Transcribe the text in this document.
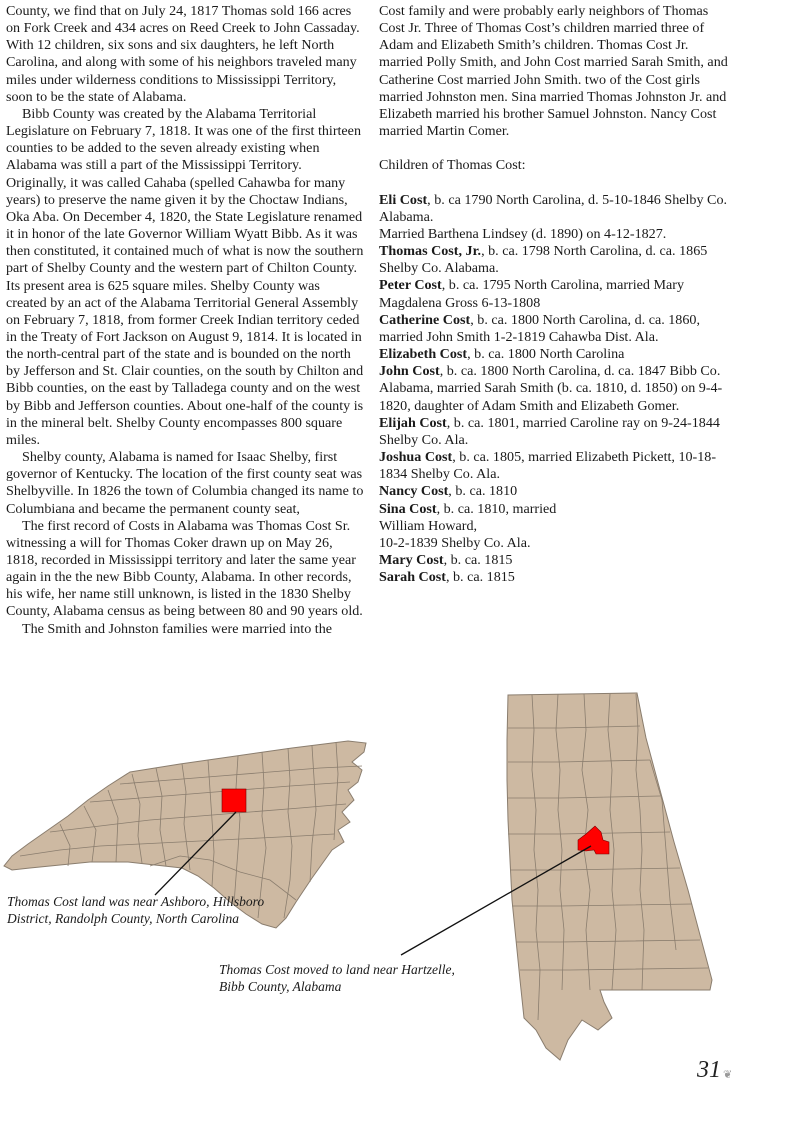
County, we find that on July 24, 1817 Thomas sold 166 acres on Fork Creek and 434 acres on Reed Creek to John Cassaday. With 12 children, six sons and six daughters, he left North Carolina, and along with some of his neighbors traveled many miles under wilderness conditions to Mississippi Territory, soon to be the state of Alabama.

Bibb County was created by the Alabama Territorial Legislature on February 7, 1818. It was one of the first thirteen counties to be added to the seven already existing when Alabama was still a part of the Mississippi Territory. Originally, it was called Cahaba (spelled Cahawba for many years) to preserve the name given it by the Choctaw Indians, Oka Aba. On December 4, 1820, the State Legislature renamed it in honor of the late Governor William Wyatt Bibb. As it was then constituted, it contained much of what is now the southern part of Shelby County and the western part of Chilton County. Its present area is 625 square miles. Shelby County was created by an act of the Alabama Territorial General Assembly on February 7, 1818, from former Creek Indian territory ceded in the Treaty of Fort Jackson on August 9, 1814. It is located in the north-central part of the state and is bounded on the north by Jefferson and St. Clair counties, on the south by Chilton and Bibb counties, on the east by Talladega county and on the west by Bibb and Jefferson counties. About one-half of the county is in the mineral belt. Shelby County encompasses 800 square miles.

Shelby county, Alabama is named for Isaac Shelby, first governor of Kentucky. The location of the first county seat was Shelbyville. In 1826 the town of Columbia changed its name to Columbiana and became the permanent county seat,

The first record of Costs in Alabama was Thomas Cost Sr. witnessing a will for Thomas Coker drawn up on May 26, 1818, recorded in Mississippi territory and later the same year again in the the new Bibb County, Alabama. In other records, his wife, her name still unknown, is listed in the 1830 Shelby County, Alabama census as being between 80 and 90 years old.

The Smith and Johnston families were married into the

Cost family and were probably early neighbors of Thomas Cost Jr. Three of Thomas Cost’s children married three of Adam and Elizabeth Smith’s children. Thomas Cost Jr. married Polly Smith, and John Cost married Sarah Smith, and Catherine Cost married John Smith. two of the Cost girls married Johnston men. Sina married Thomas Johnston Jr. and Elizabeth married his brother Samuel Johnston. Nancy Cost married Martin Comer.

Children of Thomas Cost:

Eli Cost, b. ca 1790 North Carolina, d. 5-10-1846 Shelby Co. Alabama.

Married Barthena Lindsey (d. 1890) on 4-12-1827.

Thomas Cost, Jr., b. ca. 1798 North Carolina, d. ca. 1865 Shelby Co. Alabama.

Peter Cost, b. ca. 1795 North Carolina, married Mary Magdalena Gross 6-13-1808

Catherine Cost, b. ca. 1800 North Carolina, d. ca. 1860, married John Smith 1-2-1819 Cahawba Dist. Ala.

Elizabeth Cost, b. ca. 1800 North Carolina

John Cost, b. ca. 1800 North Carolina, d. ca. 1847 Bibb Co. Alabama, married Sarah Smith (b. ca. 1810, d. 1850) on 9-4-1820, daughter of Adam Smith and Elizabeth Gomer.

Elijah Cost, b. ca. 1801, married Caroline ray on 9-24-1844 Shelby Co. Ala.

Joshua Cost, b. ca. 1805, married Elizabeth Pickett, 10-18-1834 Shelby Co. Ala.

Nancy Cost, b. ca. 1810

Sina Cost, b. ca. 1810, married

William Howard,

10-2-1839 Shelby Co. Ala.

Mary Cost, b. ca. 1815

Sarah Cost, b. ca. 1815

Thomas Cost land was near Ashboro, Hillsboro
District, Randolph County, North Carolina
Thomas Cost moved to land near Hartzelle,
Bibb County, Alabama
31 ❦
